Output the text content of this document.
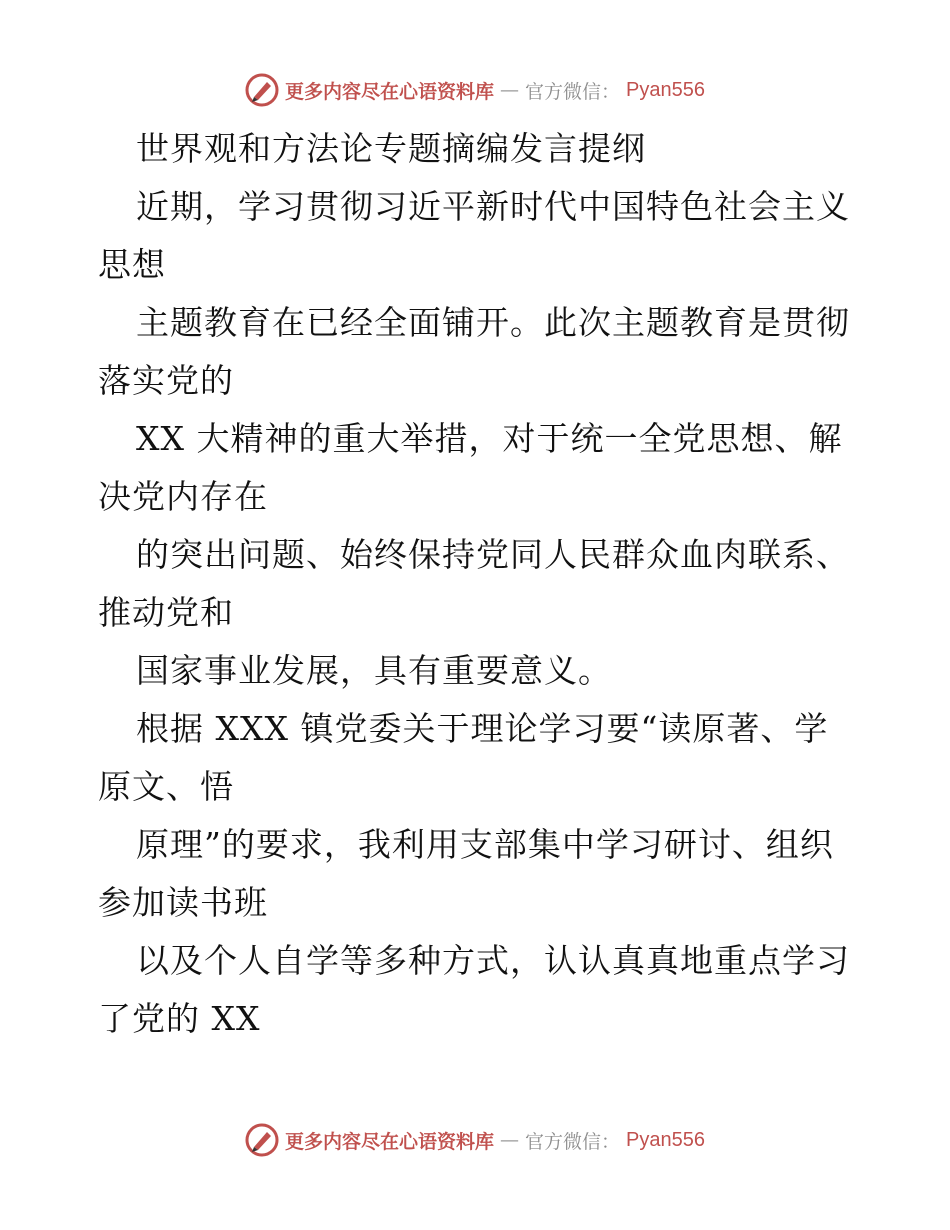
更多内容尽在心语资料库 — 官方微信： Pyan556
世界观和方法论专题摘编发言提纲
近期，学习贯彻习近平新时代中国特色社会主义
思想
主题教育在已经全面铺开。此次主题教育是贯彻
落实党的
XX 大精神的重大举措，对于统一全党思想、解
决党内存在
的突出问题、始终保持党同人民群众血肉联系、
推动党和
国家事业发展，具有重要意义。
根据 XXX 镇党委关于理论学习要“读原著、学
原文、悟
原理”的要求，我利用支部集中学习研讨、组织
参加读书班
以及个人自学等多种方式，认认真真地重点学习
了党的 XX
更多内容尽在心语资料库 — 官方微信： Pyan556
